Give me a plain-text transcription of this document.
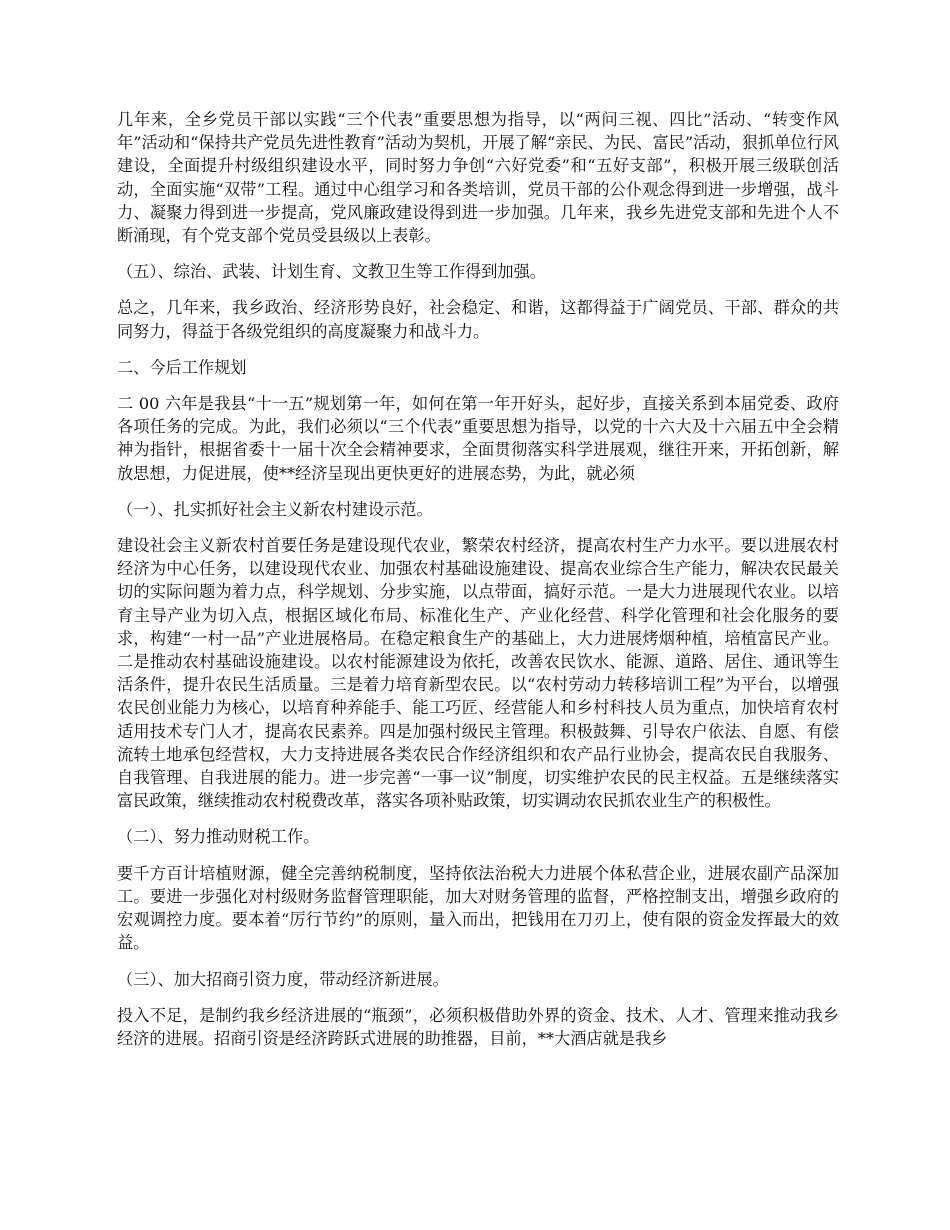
几年来，全乡党员干部以实践“三个代表”重要思想为指导，以“两问三视、四比”活动、“转变作风年”活动和“保持共产党员先进性教育”活动为契机，开展了解“亲民、为民、富民”活动，狠抓单位行风建设，全面提升村级组织建设水平，同时努力争创“六好党委”和“五好支部”，积极开展三级联创活动，全面实施“双带”工程。通过中心组学习和各类培训，党员干部的公仆观念得到进一步增强，战斗力、凝聚力得到进一步提高，党风廉政建设得到进一步加强。几年来，我乡先进党支部和先进个人不断涌现，有个党支部个党员受县级以上表彰。

（五）、综治、武装、计划生育、文教卫生等工作得到加强。

总之，几年来，我乡政治、经济形势良好，社会稳定、和谐，这都得益于广阔党员、干部、群众的共同努力，得益于各级党组织的高度凝聚力和战斗力。

二、今后工作规划

二 00 六年是我县“十一五”规划第一年，如何在第一年开好头，起好步，直接关系到本届党委、政府各项任务的完成。为此，我们必须以“三个代表”重要思想为指导，以党的十六大及十六届五中全会精神为指针，根据省委十一届十次全会精神要求，全面贯彻落实科学进展观，继往开来，开拓创新，解放思想，力促进展，使**经济呈现出更快更好的进展态势，为此，就必须

（一）、扎实抓好社会主义新农村建设示范。

建设社会主义新农村首要任务是建设现代农业，繁荣农村经济，提高农村生产力水平。要以进展农村经济为中心任务，以建设现代农业、加强农村基础设施建设、提高农业综合生产能力，解决农民最关切的实际问题为着力点，科学规划、分步实施，以点带面，搞好示范。一是大力进展现代农业。以培育主导产业为切入点，根据区域化布局、标准化生产、产业化经营、科学化管理和社会化服务的要求，构建“一村一品”产业进展格局。在稳定粮食生产的基础上，大力进展烤烟种植，培植富民产业。二是推动农村基础设施建设。以农村能源建设为依托，改善农民饮水、能源、道路、居住、通讯等生活条件，提升农民生活质量。三是着力培育新型农民。以“农村劳动力转移培训工程”为平台，以增强农民创业能力为核心，以培育种养能手、能工巧匠、经营能人和乡村科技人员为重点，加快培育农村适用技术专门人才，提高农民素养。四是加强村级民主管理。积极鼓舞、引导农户依法、自愿、有偿流转土地承包经营权，大力支持进展各类农民合作经济组织和农产品行业协会，提高农民自我服务、自我管理、自我进展的能力。进一步完善“一事一议”制度，切实维护农民的民主权益。五是继续落实富民政策，继续推动农村税费改革，落实各项补贴政策，切实调动农民抓农业生产的积极性。

（二）、努力推动财税工作。

要千方百计培植财源，健全完善纳税制度，坚持依法治税大力进展个体私营企业，进展农副产品深加工。要进一步强化对村级财务监督管理职能，加大对财务管理的监督，严格控制支出，增强乡政府的宏观调控力度。要本着“厉行节约”的原则，量入而出，把钱用在刀刃上，使有限的资金发挥最大的效益。

（三）、加大招商引资力度，带动经济新进展。

投入不足，是制约我乡经济进展的“瓶颈”，必须积极借助外界的资金、技术、人才、管理来推动我乡经济的进展。招商引资是经济跨跃式进展的助推器，目前，**大酒店就是我乡
